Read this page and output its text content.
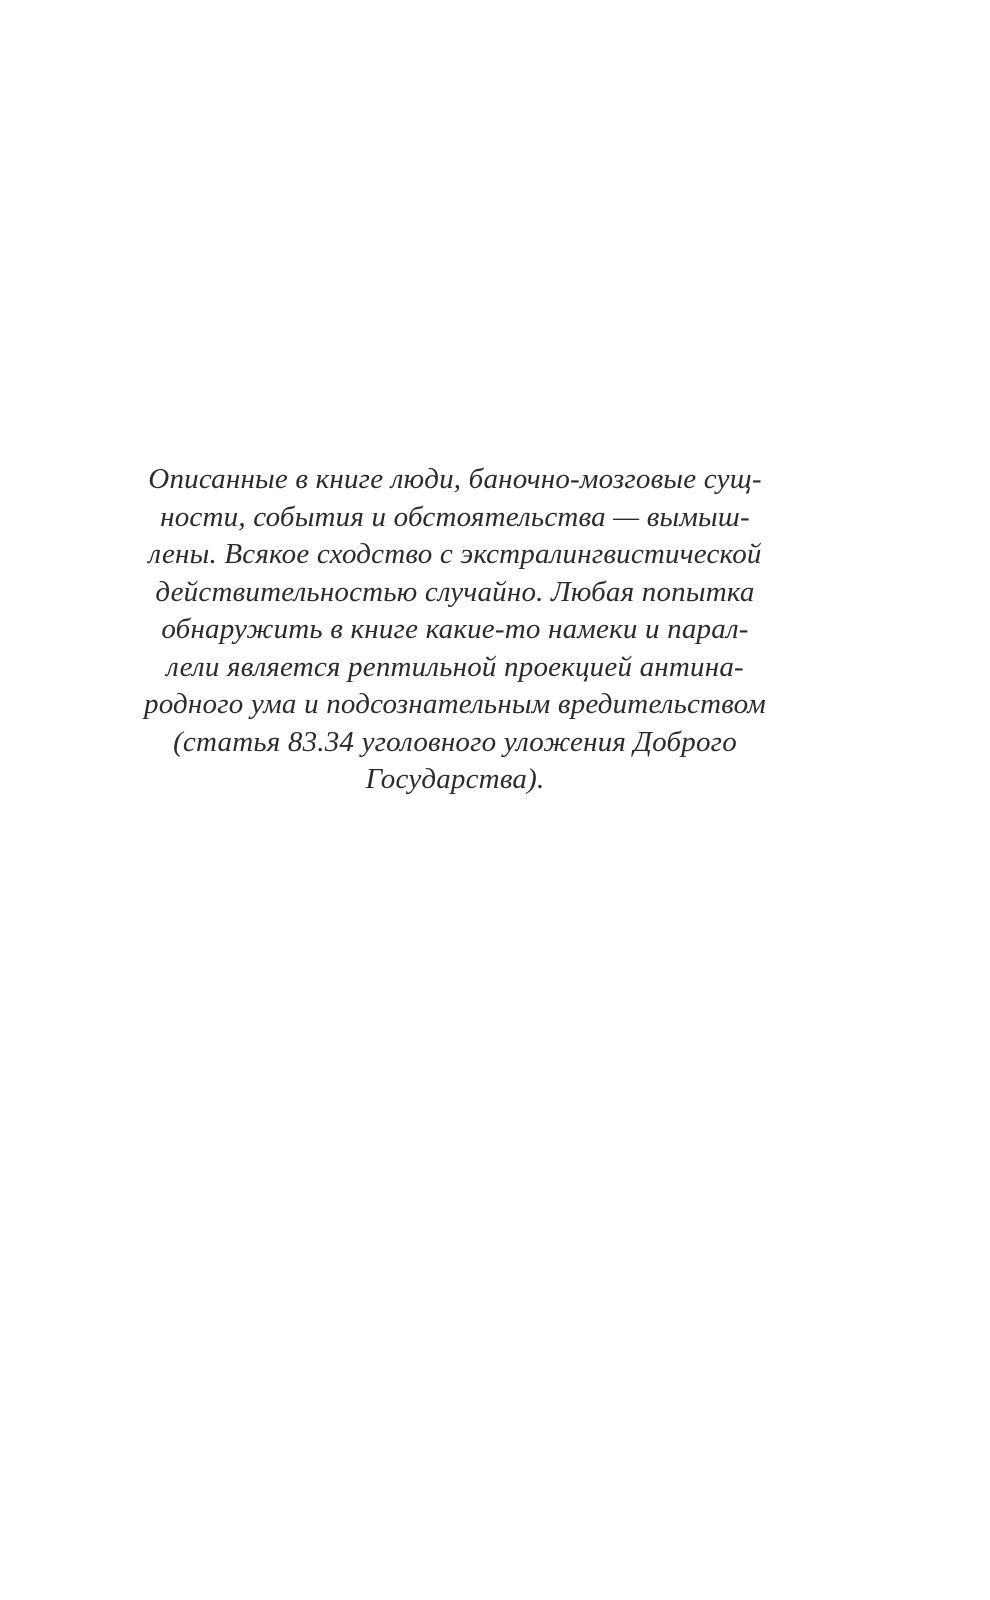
Описанные в книге люди, баночно-мозговые сущ-
ности, события и обстоятельства — вымыш-
лены. Всякое сходство с экстралингвистической
действительностью случайно. Любая попытка
обнаружить в книге какие-то намеки и парал-
лели является рептильной проекцией антина-
родного ума и подсознательным вредительством
(статья 83.34 уголовного уложения Доброго
Государства).
